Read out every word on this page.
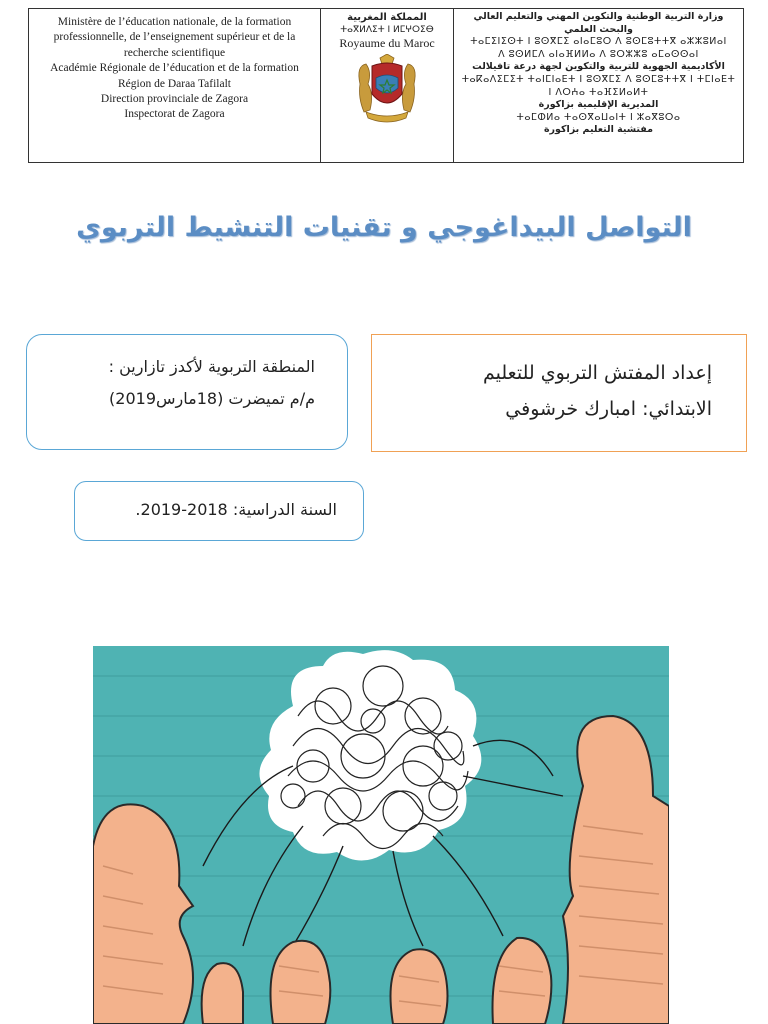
Ministère de l’éducation nationale, de la formation
professionnelle, de l’enseignement supérieur et de la
recherche scientifique
Académie Régionale de l’éducation et de la formation
Région de Daraa Tafilalt
Direction provinciale de Zagora
Inspectorat de Zagora
المملكة المغربية
ⵜⴰⴳⵍⴷⵉⵜ ⵏ ⵍⵎⵖⵔⵉⴱ
Royaume du Maroc
وزارة التربية الوطنية والتكوين المهني والتعليم العالي والبحث العلمي
ⵜⴰⵎⵉⵏⵉⵙⵜ ⵏ ⵓⵙⴳⵎⵉ ⴰⵏⴰⵎⵓⵔ ⴷ ⵓⵙⵎⵓⵜⵜⴳ ⴰⵣⵣⵓⵍⴰⵏ
ⴷ ⵓⵙⵍⵎⴷ ⴰⵏⴰⴼⵍⵍⴰ ⴷ ⵓⵔⵣⵣⵓ ⴰⵎⴰⵙⵙⴰⵏ
الأكاديمية الجهوية للتربية والتكوين لجهة درعة تافيلالت
ⵜⴰⴽⴰⴷⵉⵎⵉⵜ ⵜⴰⵏⵎⵏⴰⴹⵜ ⵏ ⵓⵙⴳⵎⵉ ⴷ ⵓⵙⵎⵓⵜⵜⴳ ⵏ ⵜⵎⵏⴰⴹⵜ
ⵏ ⴷⵔⵄⴰ ⵜⴰⴼⵉⵍⴰⵍⵜ
المديرية الإقليمية بزاكورة
ⵜⴰⵎⵀⵍⴰ ⵜⴰⵙⴳⴰⵡⴰⵏⵜ ⵏ ⵣⴰⴳⵓⵔⴰ
مفتشية التعليم بزاكورة
التواصل البيداغوجي و تقنيات التنشيط التربوي
إعداد المفتش التربوي للتعليم
الابتدائي: امبارك خرشوفي
المنطقة التربوية لأكدز تازارين :
م/م تميضرت (18مارس2019)
السنة الدراسية: 2018-2019.
